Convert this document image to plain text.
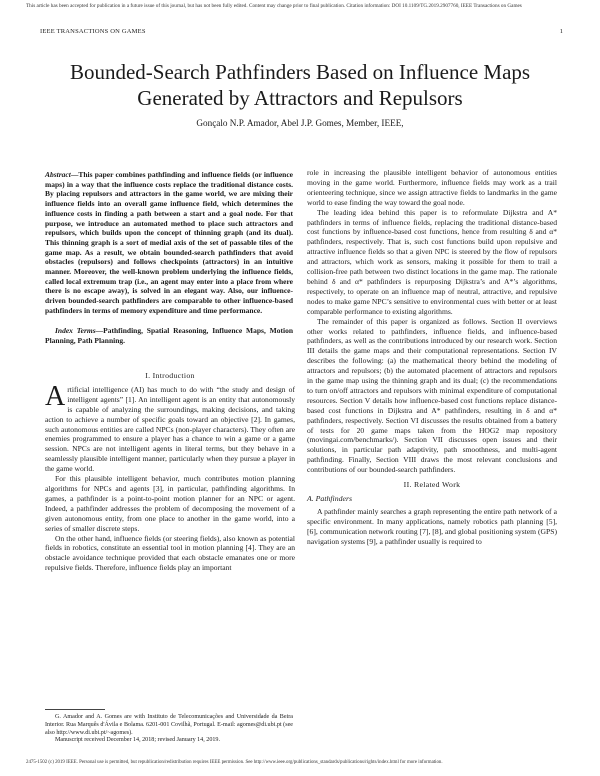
This article has been accepted for publication in a future issue of this journal, but has not been fully edited. Content may change prior to final publication. Citation information: DOI 10.1109/TG.2019.2907760, IEEE Transactions on Games
IEEE TRANSACTIONS ON GAMES	1
Bounded-Search Pathfinders Based on Influence Maps Generated by Attractors and Repulsors
Gonçalo N.P. Amador, Abel J.P. Gomes, Member, IEEE,
Abstract—This paper combines pathfinding and influence fields (or influence maps) in a way that the influence costs replace the traditional distance costs. By placing repulsors and attractors in the game world, we are mixing their influence fields into an overall game influence field, which determines the influence costs in finding a path between a start and a goal node. For that purpose, we introduce an automated method to place such attractors and repulsors, which builds upon the concept of thinning graph (and its dual). This thinning graph is a sort of medial axis of the set of passable tiles of the game map. As a result, we obtain bounded-search pathfinders that avoid obstacles (repulsors) and follows checkpoints (attractors) in an intuitive manner. Moreover, the well-known problem underlying the influence fields, called local extremum trap (i.e., an agent may enter into a place from where there is no escape away), is solved in an elegant way. Also, our influence-driven bounded-search pathfinders are comparable to other influence-based pathfinders in terms of memory expenditure and time performance.
Index Terms—Pathfinding, Spatial Reasoning, Influence Maps, Motion Planning, Path Planning.
I. Introduction

Artificial intelligence (AI) has much to do with “the study and design of intelligent agents” [1]. An intelligent agent is an entity that autonomously is capable of analyzing the surroundings, making decisions, and taking action to achieve a number of specific goals toward an objective [2]. In games, such autonomous entities are called NPCs (non-player characters). They often are enemies programmed to ensure a player has a chance to win a game or a game session. NPCs are not intelligent agents in literal terms, but they behave in a seamlessly plausible intelligent manner, particularly when they pursue a player in the game world.

For this plausible intelligent behavior, much contributes motion planning algorithms for NPCs and agents [3], in particular, pathfinding algorithms. In games, a pathfinder is a point-to-point motion planner for an NPC or agent. Indeed, a pathfinder addresses the problem of decomposing the movement of a given autonomous entity, from one place to another in the game world, into a series of smaller discrete steps.

On the other hand, influence fields (or steering fields), also known as potential fields in robotics, constitute an essential tool in motion planning [4]. They are an obstacle avoidance technique provided that each obstacle emanates one or more repulsive fields. Therefore, influence fields play an important

G. Amador and A. Gomes are with Instituto de Telecomunicações and Universidade da Beira Interior. Rua Marquês d'Ávila e Bolama. 6201-001 Covilhã, Portugal. E-mail: agomes@di.ubi.pt (see also http://www.di.ubi.pt/~agomes).
Manuscript received December 14, 2018; revised January 14, 2019.

role in increasing the plausible intelligent behavior of autonomous entities moving in the game world. Furthermore, influence fields may work as a trail orienteering technique, since we assign attractive fields to landmarks in the game world to ease finding the way toward the goal node.

The leading idea behind this paper is to reformulate Dijkstra and A* pathfinders in terms of influence fields, replacing the traditional distance-based cost functions by influence-based cost functions, hence from resulting δ and α* pathfinders, respectively. That is, such cost functions build upon repulsive and attractive influence fields so that a given NPC is steered by the flow of repulsors and attractors, which work as sensors, making it possible for them to trail a collision-free path between two distinct locations in the game map. The rationale behind δ and α* pathfinders is repurposing Dijkstra’s and A*’s algorithms, respectively, to operate on an influence map of neutral, attractive, and repulsive nodes to make game NPC’s sensitive to environmental cues with better or at least comparable performance to existing algorithms.

The remainder of this paper is organized as follows. Section II overviews other works related to pathfinders, influence fields, and influence-based pathfinders, as well as the contributions introduced by our research work. Section III details the game maps and their computational representations. Section IV describes the following: (a) the mathematical theory behind the modeling of attractors and repulsors; (b) the automated placement of attractors and repulsors in the game map using the thinning graph and its dual; (c) the recommendations to turn on/off attractors and repulsors with minimal expenditure of computational resources. Section V details how influence-based cost functions replace distance-based cost functions in Dijkstra and A* pathfinders, resulting in δ and α* pathfinders, respectively. Section VI discusses the results obtained from a battery of tests for 20 game maps taken from the HOG2 map repository (movingai.com/benchmarks/). Section VII discusses open issues and their solutions, in particular path adaptivity, path smoothness, and multi-agent pathfinding. Finally, Section VIII draws the most relevant conclusions and contributions of our bounded-search pathfinders.

II. Related Work
A. Pathfinders

A pathfinder mainly searches a graph representing the entire path network of a specific environment. In many applications, namely robotics path planning [5], [6], communication network routing [7], [8], and global positioning system (GPS) navigation systems [9], a pathfinder usually is required to

2475-1502 (c) 2019 IEEE. Personal use is permitted, but republication/redistribution requires IEEE permission. See http://www.ieee.org/publications_standards/publications/rights/index.html for more information.
